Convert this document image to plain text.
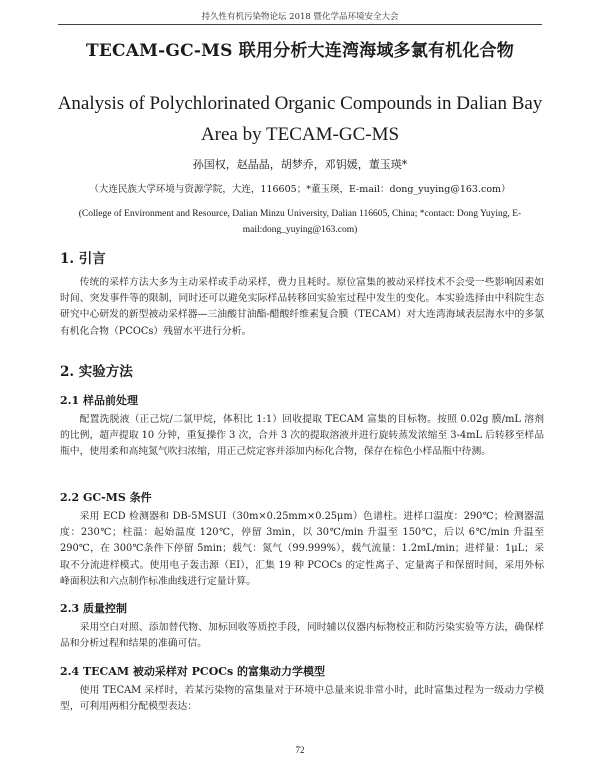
持久性有机污染物论坛 2018 暨化学品环境安全大会
TECAM-GC-MS 联用分析大连湾海域多氯有机化合物
Analysis of Polychlorinated Organic Compounds in Dalian Bay Area by TECAM-GC-MS
孙国权，赵晶晶，胡梦乔，邓钥媛，董玉瑛*
（大连民族大学环境与资源学院，大连，116605；*董玉瑛，E-mail：dong_yuying@163.com）
(College of Environment and Resource, Dalian Minzu University, Dalian 116605, China; *contact: Dong Yuying, E-mail:dong_yuying@163.com)
1. 引言
传统的采样方法大多为主动采样或手动采样，费力且耗时。原位富集的被动采样技术不会受一些影响因素如时间、突发事件等的限制，同时还可以避免实际样品转移回实验室过程中发生的变化。本实验选择由中科院生态研究中心研发的新型被动采样器—三油酸甘油酯-醋酸纤维素复合膜（TECAM）对大连湾海域表层海水中的多氯有机化合物（PCOCs）残留水平进行分析。
2. 实验方法
2.1 样品前处理
配置洗脱液（正己烷/二氯甲烷，体积比 1:1）回收提取 TECAM 富集的目标物。按照 0.02g 膜/mL 溶剂的比例，超声提取 10 分钟，重复操作 3 次，合并 3 次的提取溶液并进行旋转蒸发浓缩至 3-4mL 后转移至样品瓶中，使用柔和高纯氮气吹扫浓缩，用正己烷定容并添加内标化合物，保存在棕色小样品瓶中待测。
2.2 GC-MS 条件
采用 ECD 检测器和 DB-5MSUI（30m×0.25mm×0.25μm）色谱柱。进样口温度：290℃；检测器温度：230℃；柱温：起始温度 120℃，停留 3min，以 30℃/min 升温至 150℃，后以 6℃/min 升温至 290℃，在 300℃条件下停留 5min；载气：氮气（99.999%），载气流量：1.2mL/min；进样量：1μL；采取不分流进样模式。使用电子轰击源（EI），汇集 19 种 PCOCs 的定性离子、定量离子和保留时间，采用外标峰面积法和六点制作标准曲线进行定量计算。
2.3 质量控制
采用空白对照、添加替代物、加标回收等质控手段，同时辅以仪器内标物校正和防污染实验等方法，确保样品和分析过程和结果的准确可信。
2.4 TECAM 被动采样对 PCOCs 的富集动力学模型
使用 TECAM 采样时，若某污染物的富集量对于环境中总量来说非常小时，此时富集过程为一级动力学模型，可利用两相分配模型表达：
72
